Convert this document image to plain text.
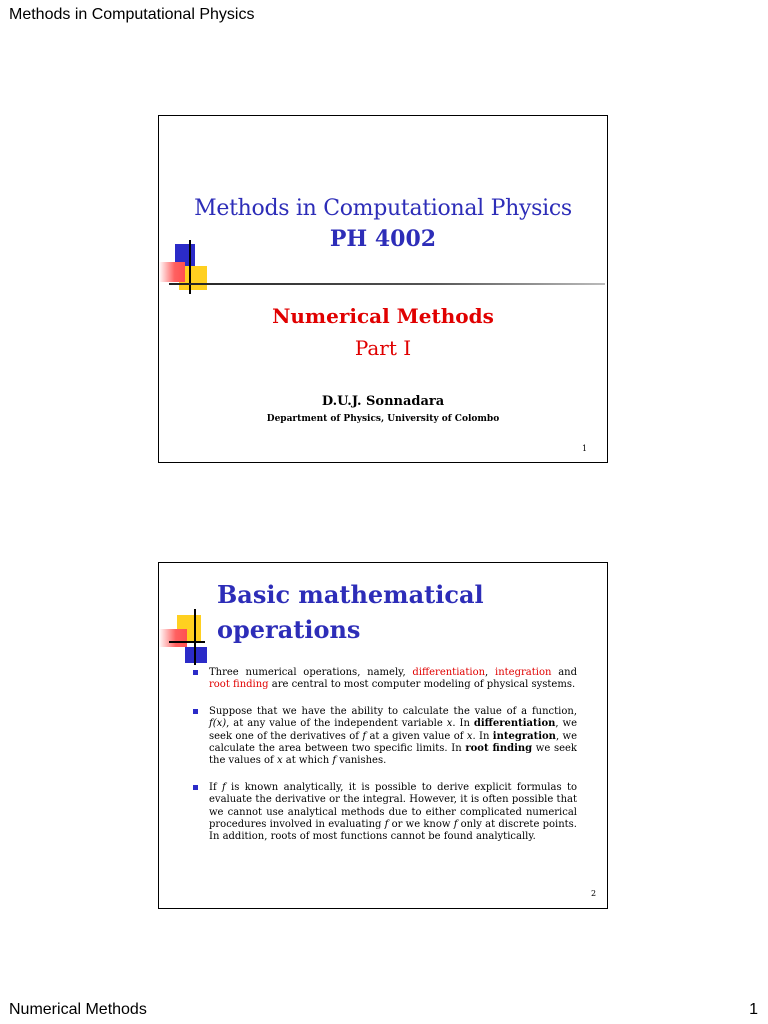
Methods in Computational Physics
Methods in Computational Physics
PH 4002
Numerical Methods
Part I
D.U.J. Sonnadara
Department of Physics, University of Colombo
1
Basic mathematical
operations
Three numerical operations, namely, differentiation, integration and root finding are central to most computer modeling of physical systems.
Suppose that we have the ability to calculate the value of a function, f(x), at any value of the independent variable x. In differentiation, we seek one of the derivatives of f at a given value of x. In integration, we calculate the area between two specific limits. In root finding we seek the values of x at which f vanishes.
If f is known analytically, it is possible to derive explicit formulas to evaluate the derivative or the integral. However, it is often possible that we cannot use analytical methods due to either complicated numerical procedures involved in evaluating f or we know f only at discrete points. In addition, roots of most functions cannot be found analytically.
2
Numerical Methods	1
